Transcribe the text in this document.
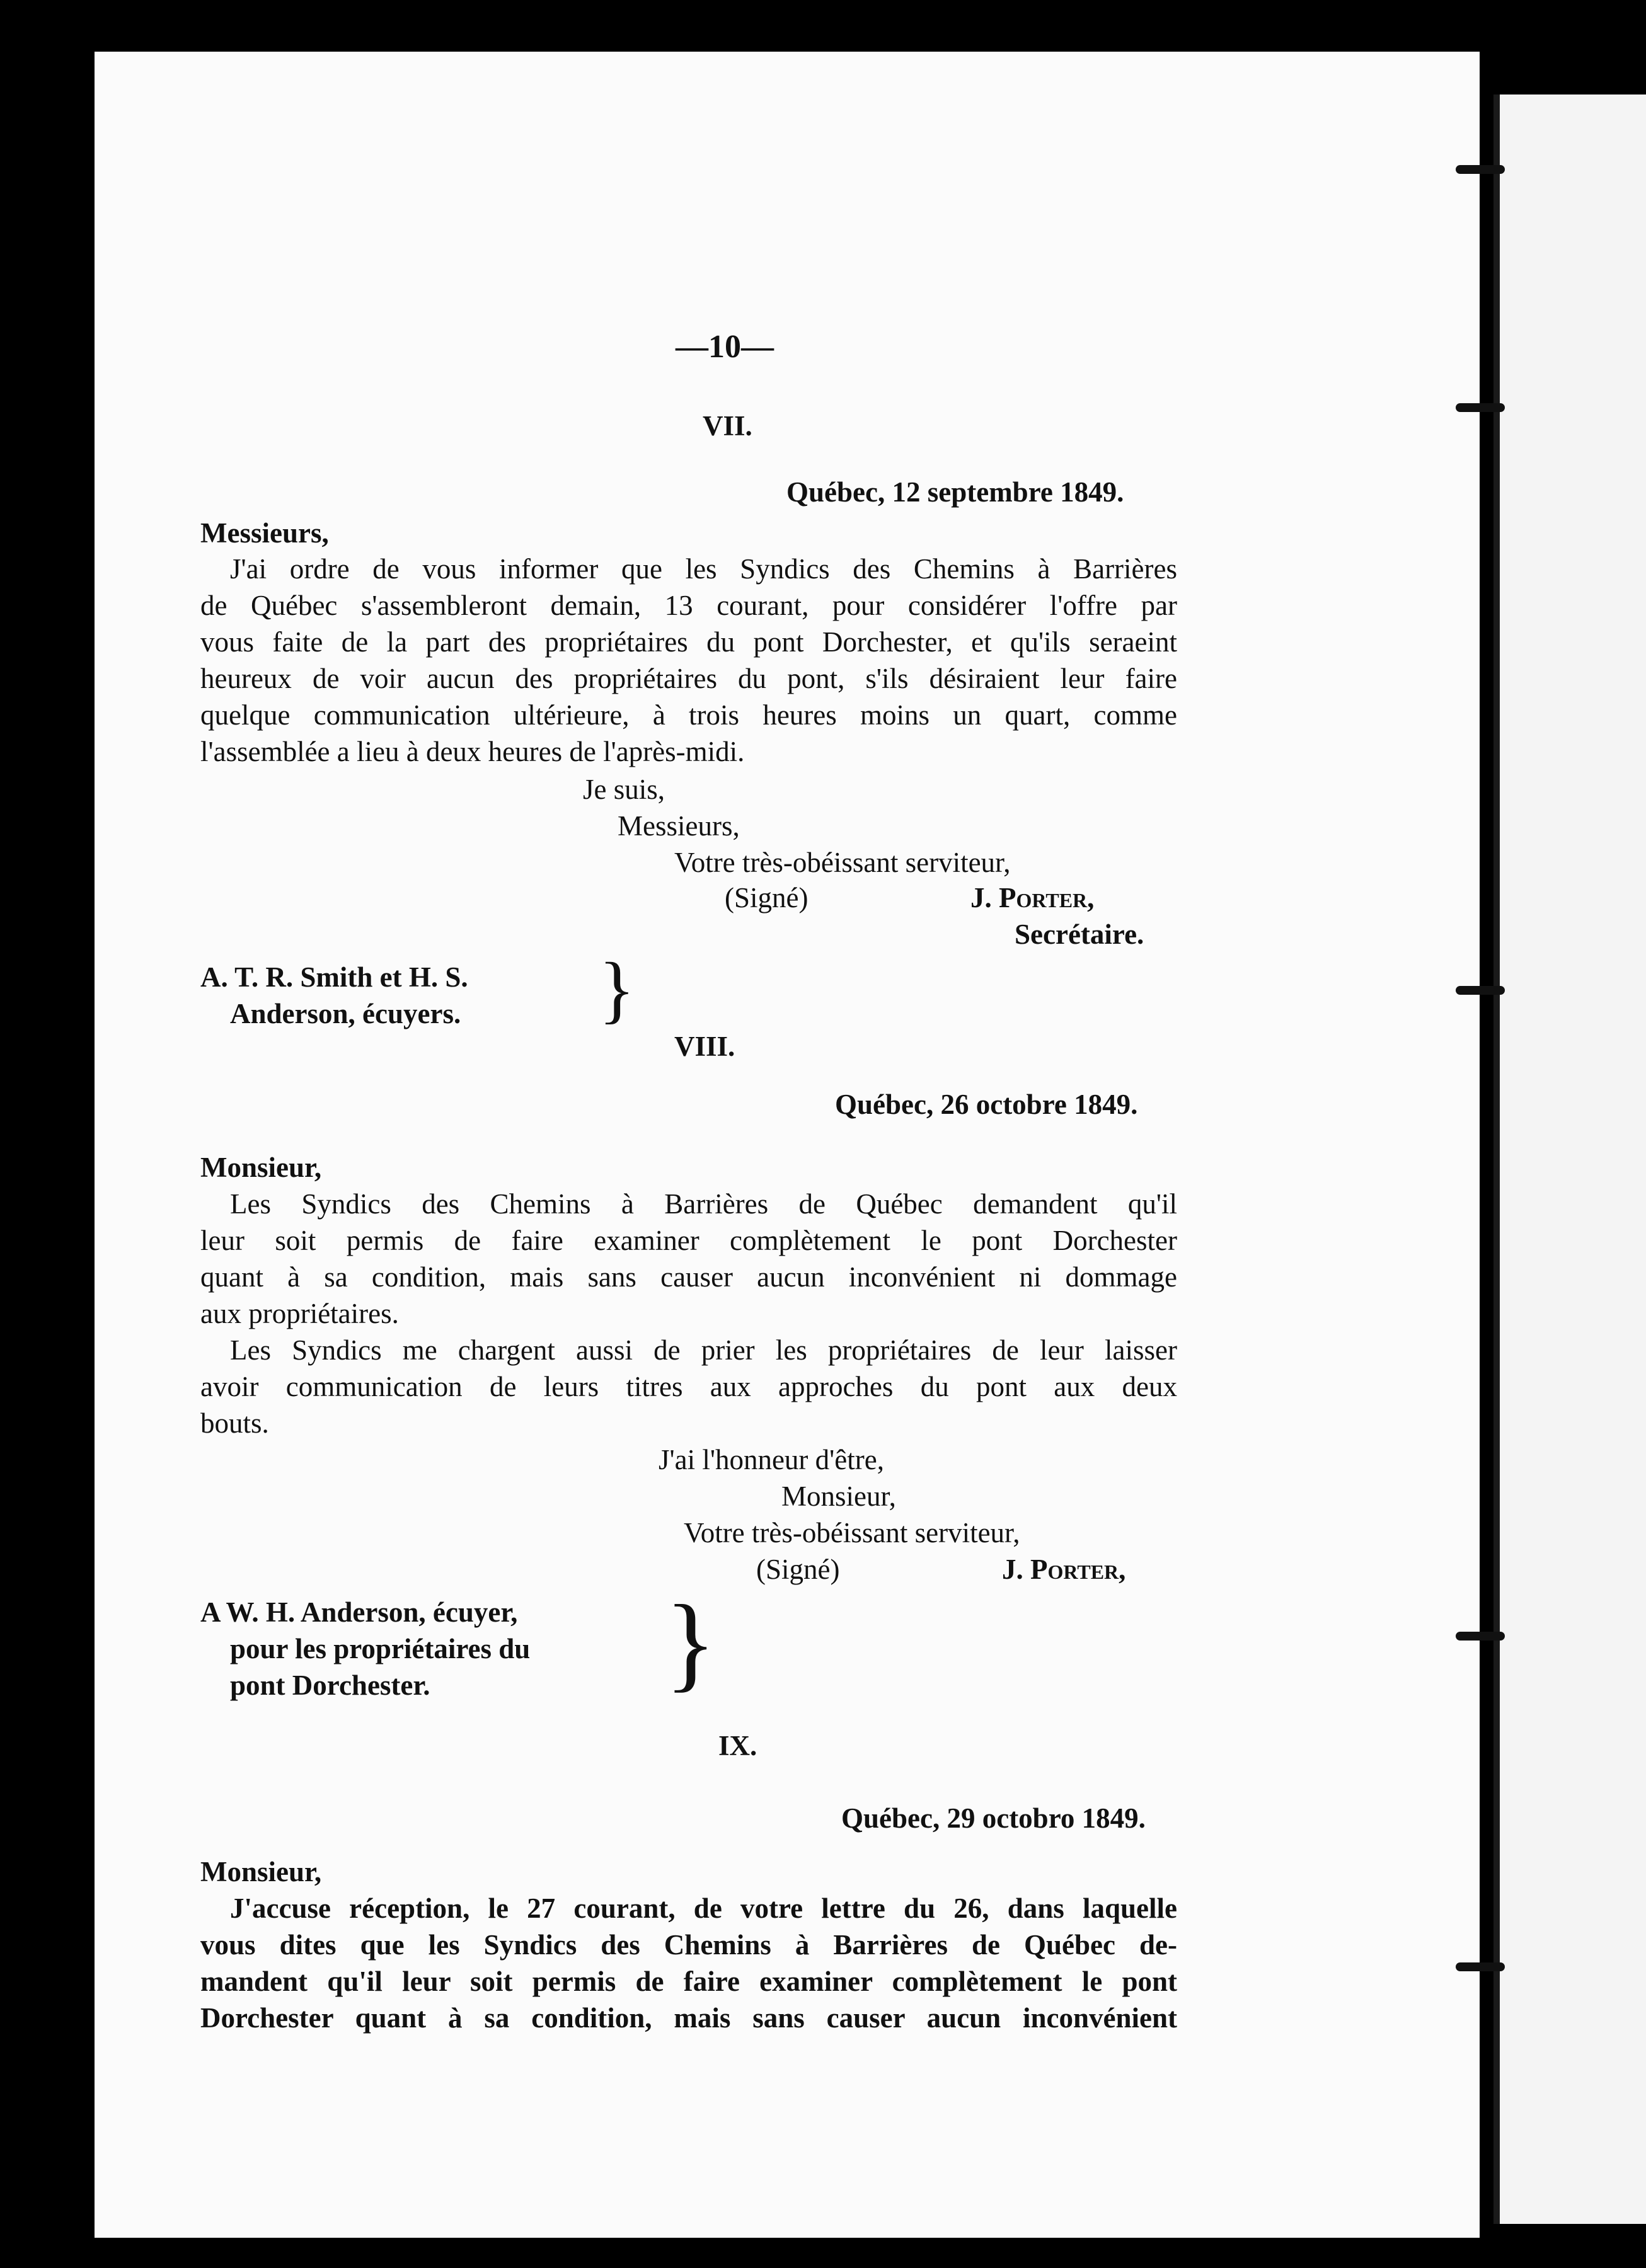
—10—
VII.
Québec, 12 septembre 1849.
Messieurs,
J'ai ordre de vous informer que les Syndics des Chemins à Barrières
de Québec s'assembleront demain, 13 courant, pour considérer l'offre par
vous faite de la part des propriétaires du pont Dorchester, et qu'ils seraeint
heureux de voir aucun des propriétaires du pont, s'ils désiraient leur faire
quelque communication ultérieure, à trois heures moins un quart, comme
l'assemblée a lieu à deux heures de l'après-midi.
Je suis,
Messieurs,
Votre très-obéissant serviteur,
(Signé)	J. Porter,
Secrétaire.
A. T. R. Smith et H. S.
Anderson, écuyers. }
VIII.
Québec, 26 octobre 1849.
Monsieur,
Les Syndics des Chemins à Barrières de Québec demandent qu'il
leur soit permis de faire examiner complètement le pont Dorchester
quant à sa condition, mais sans causer aucun inconvénient ni dommage
aux propriétaires.
Les Syndics me chargent aussi de prier les propriétaires de leur laisser
avoir communication de leurs titres aux approches du pont aux deux
bouts.
J'ai l'honneur d'être,
Monsieur,
Votre très-obéissant serviteur,
(Signé)	J. Porter,
A W. H. Anderson, écuyer,
pour les propriétaires du
pont Dorchester. }
IX.
Québec, 29 octobro 1849.
Monsieur,
J'accuse réception, le 27 courant, de votre lettre du 26, dans laquelle
vous dites que les Syndics des Chemins à Barrières de Québec de-
mandent qu'il leur soit permis de faire examiner complètement le pont
Dorchester quant à sa condition, mais sans causer aucun inconvénient
